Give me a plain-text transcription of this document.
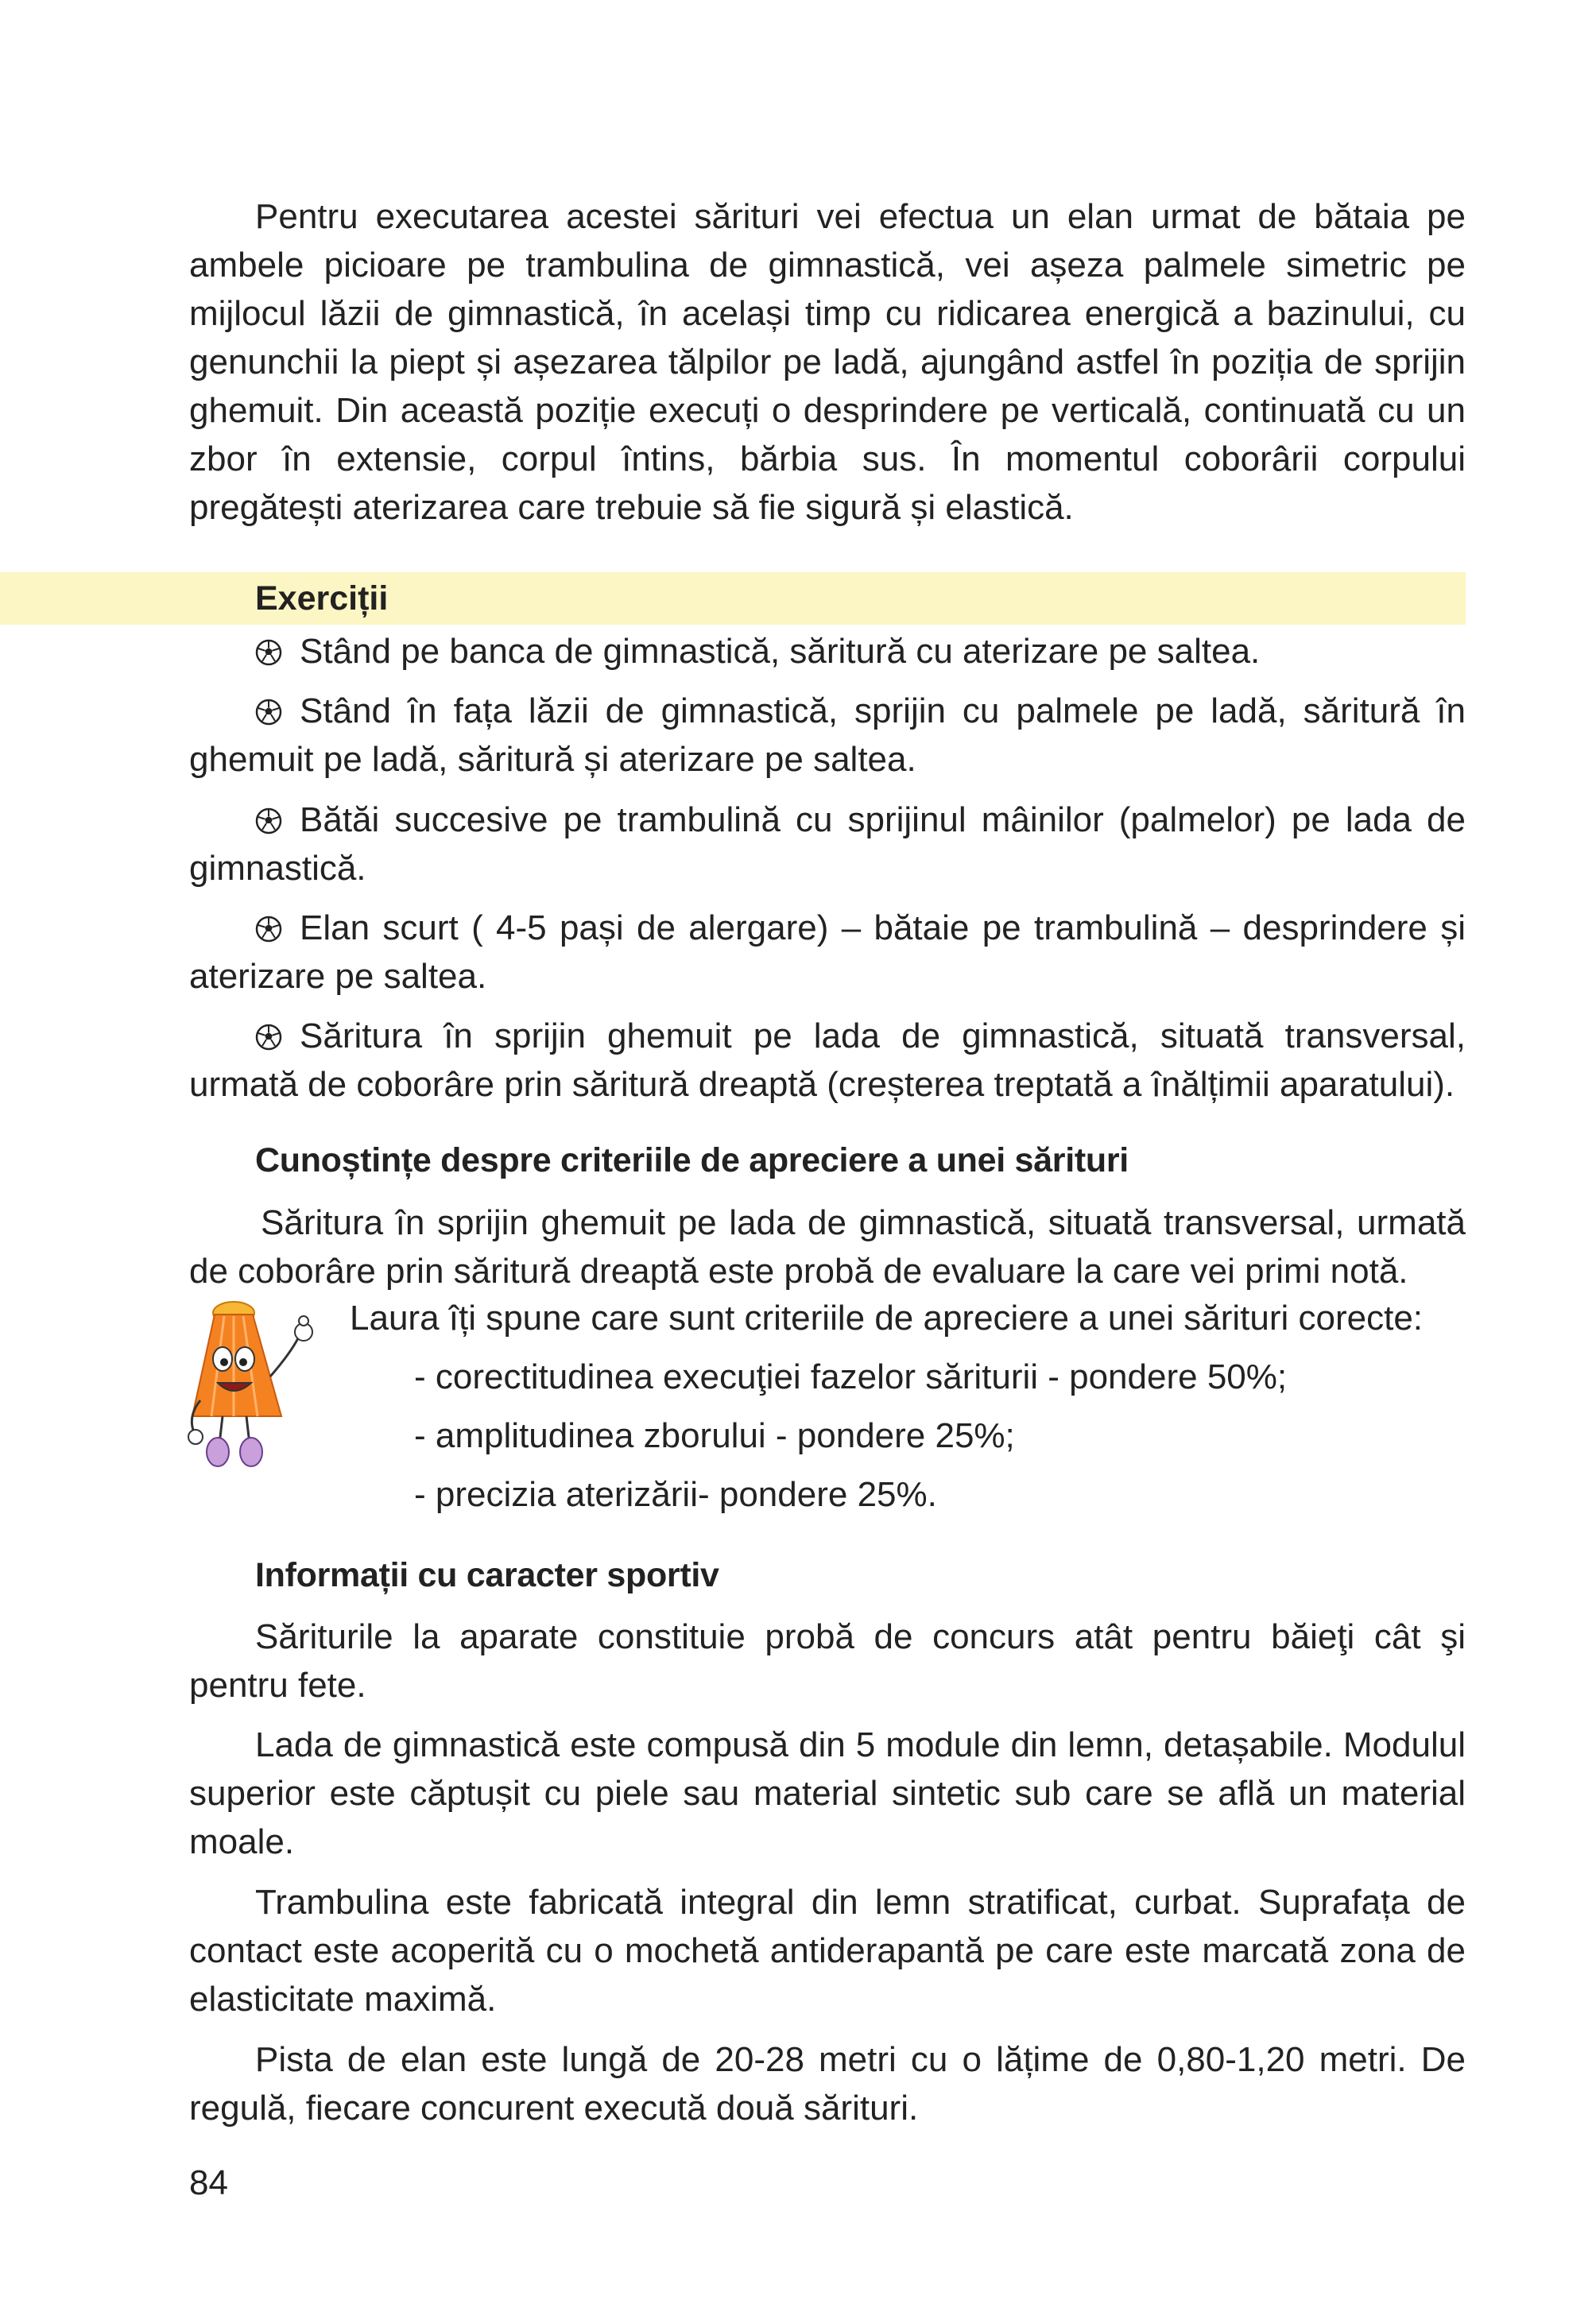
Pentru executarea acestei sărituri vei efectua un elan urmat de bătaia pe ambele picioare pe trambulina de gimnastică, vei așeza palmele simetric pe mijlocul lăzii de gimnastică, în același timp cu ridicarea energică a bazinului, cu genunchii la piept și așezarea tălpilor pe ladă, ajungând astfel în poziția de sprijin ghemuit. Din această poziție execuți o desprindere pe verticală, continuată cu un zbor în extensie, corpul întins, bărbia sus. În momentul coborârii corpului pregătești aterizarea care trebuie să fie sigură și elastică.

Exerciții

Stând pe banca de gimnastică, săritură cu aterizare pe saltea.

Stând în fața lăzii de gimnastică, sprijin cu palmele pe ladă, săritură în ghemuit pe ladă, săritură și aterizare pe saltea.

Bătăi succesive pe trambulină cu sprijinul mâinilor (palmelor) pe lada de gimnastică.

Elan scurt ( 4-5 pași de alergare) – bătaie pe trambulină – desprindere și aterizare pe saltea.

Săritura în sprijin ghemuit pe lada de gimnastică, situată transversal, urmată de coborâre prin săritură dreaptă (creșterea treptată a înălțimii aparatului).

Cunoștințe despre criteriile de apreciere a unei sărituri

Săritura în sprijin ghemuit pe lada de gimnastică, situată transversal, urmată de coborâre prin săritură dreaptă este probă de evaluare la care vei primi notă.

Laura îți spune care sunt criteriile de apreciere a unei sărituri corecte:
- corectitudinea execuţiei fazelor săriturii - pondere 50%;
- amplitudinea zborului - pondere 25%;
- precizia aterizării- pondere 25%.
Informații cu caracter sportiv

Săriturile la aparate constituie probă de concurs atât pentru băieţi cât şi pentru fete.

Lada de gimnastică este compusă din 5 module din lemn, detașabile. Modulul superior este căptușit cu piele sau material sintetic sub care se află un material moale.

Trambulina este fabricată integral din lemn stratificat, curbat. Suprafața de contact este acoperită cu o mochetă antiderapantă pe care este marcată zona de elasticitate maximă.

Pista de elan este lungă de 20-28 metri cu o lățime de 0,80-1,20 metri. De regulă, fiecare concurent execută două sărituri.

84
